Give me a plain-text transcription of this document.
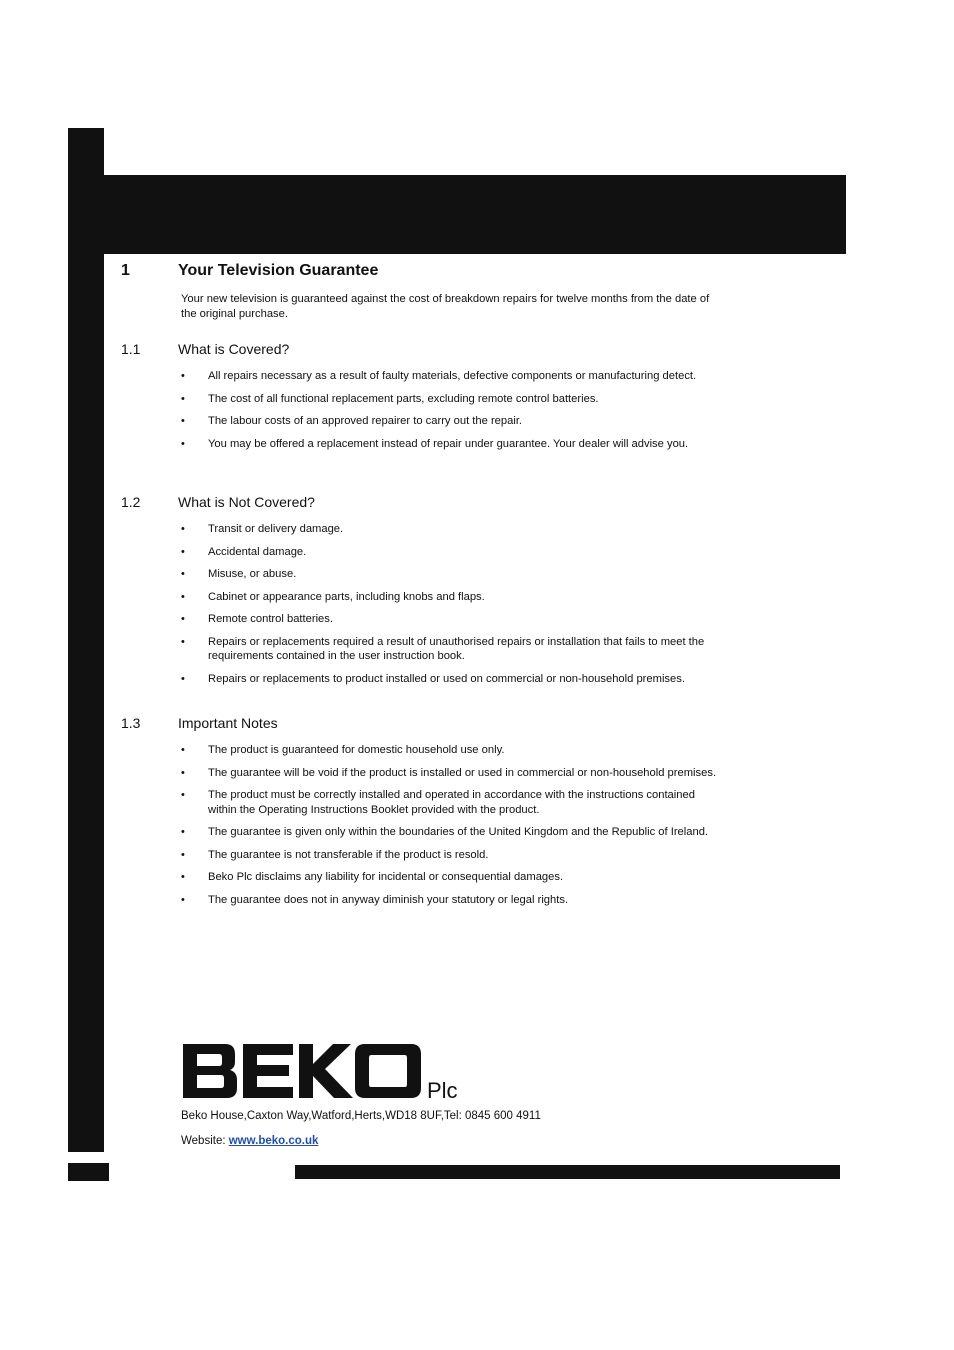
1	Your Television Guarantee
Your new television is guaranteed against the cost of breakdown repairs for twelve months from the date of the original purchase.
1.1	What is Covered?
• All repairs necessary as a result of faulty materials, defective components or manufacturing detect.
• The cost of all functional replacement parts, excluding remote control batteries.
• The labour costs of an approved repairer to carry out the repair.
• You may be offered a replacement instead of repair under guarantee. Your dealer will advise you.
1.2	What is Not Covered?
• Transit or delivery damage.
• Accidental damage.
• Misuse, or abuse.
• Cabinet or appearance parts, including knobs and flaps.
• Remote control batteries.
• Repairs or replacements required a result of unauthorised repairs or installation that fails to meet the requirements contained in the user instruction book.
• Repairs or replacements to product installed or used on commercial or non-household premises.
1.3	Important Notes
• The product is guaranteed for domestic household use only.
• The guarantee will be void if the product is installed or used in commercial or non-household premises.
• The product must be correctly installed and operated in accordance with the instructions contained within the Operating Instructions Booklet provided with the product.
• The guarantee is given only within the boundaries of the United Kingdom and the Republic of Ireland.
• The guarantee is not transferable if the product is resold.
• Beko Plc disclaims any liability for incidental or consequential damages.
• The guarantee does not in anyway diminish your statutory or legal rights.
Plc
Beko House,Caxton Way,Watford,Herts,WD18 8UF,Tel: 0845 600 4911
Website: www.beko.co.uk
